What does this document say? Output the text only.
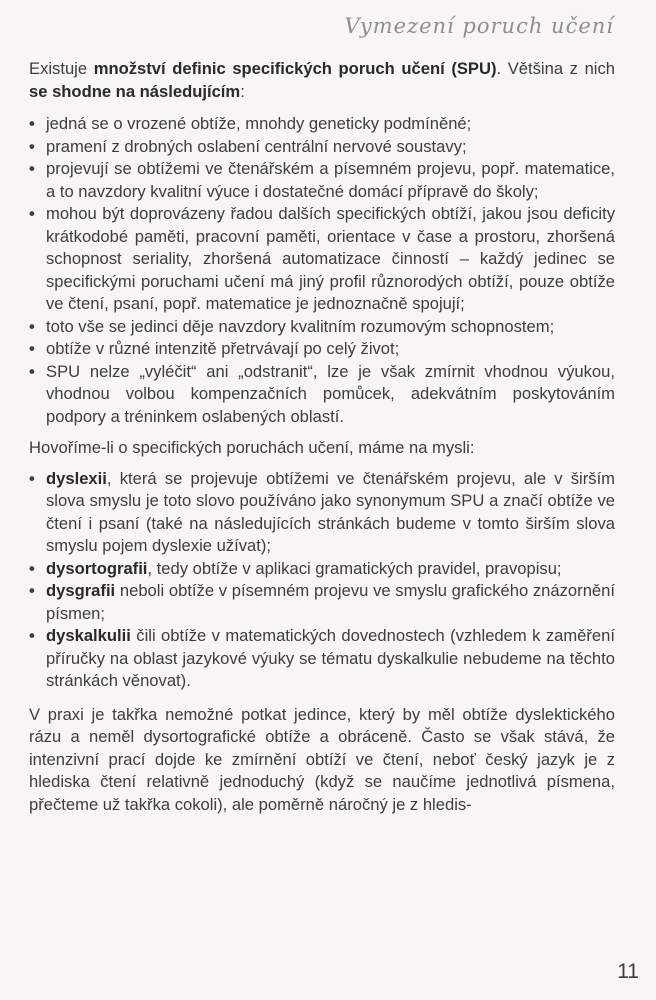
Vymezení poruch učení

Existuje množství definic specifických poruch učení (SPU). Většina z nich se shodne na následujícím:

• jedná se o vrozené obtíže, mnohdy geneticky podmíněné;
• pramení z drobných oslabení centrální nervové soustavy;
• projevují se obtížemi ve čtenářském a písemném projevu, popř. matematice, a to navzdory kvalitní výuce i dostatečné domácí přípravě do školy;
• mohou být doprovázeny řadou dalších specifických obtíží, jakou jsou deficity krátkodobé paměti, pracovní paměti, orientace v čase a prostoru, zhoršená schopnost seriality, zhoršená automatizace činností – každý jedinec se specifickými poruchami učení má jiný profil různorodých obtíží, pouze obtíže ve čtení, psaní, popř. matematice je jednoznačně spojují;
• toto vše se jedinci děje navzdory kvalitním rozumovým schopnostem;
• obtíže v různé intenzitě přetrvávají po celý život;
• SPU nelze „vyléčit“ ani „odstranit“, lze je však zmírnit vhodnou výukou, vhodnou volbou kompenzačních pomůcek, adekvátním poskytováním podpory a tréninkem oslabených oblastí.

Hovoříme-li o specifických poruchách učení, máme na mysli:

• dyslexii, která se projevuje obtížemi ve čtenářském projevu, ale v širším slova smyslu je toto slovo používáno jako synonymum SPU a značí obtíže ve čtení i psaní (také na následujících stránkách budeme v tomto širším slova smyslu pojem dyslexie užívat);
• dysortografii, tedy obtíže v aplikaci gramatických pravidel, pravopisu;
• dysgrafii neboli obtíže v písemném projevu ve smyslu grafického znázornění písmen;
• dyskalkulii čili obtíže v matematických dovednostech (vzhledem k zaměření příručky na oblast jazykové výuky se tématu dyskalkulie nebudeme na těchto stránkách věnovat).

V praxi je takřka nemožné potkat jedince, který by měl obtíže dyslektického rázu a neměl dysortografické obtíže a obráceně. Často se však stává, že intenzivní prací dojde ke zmírnění obtíží ve čtení, neboť český jazyk je z hlediska čtení relativně jednoduchý (když se naučíme jednotlivá písmena, přečteme už takřka cokoli), ale poměrně náročný je z hledis-

11
